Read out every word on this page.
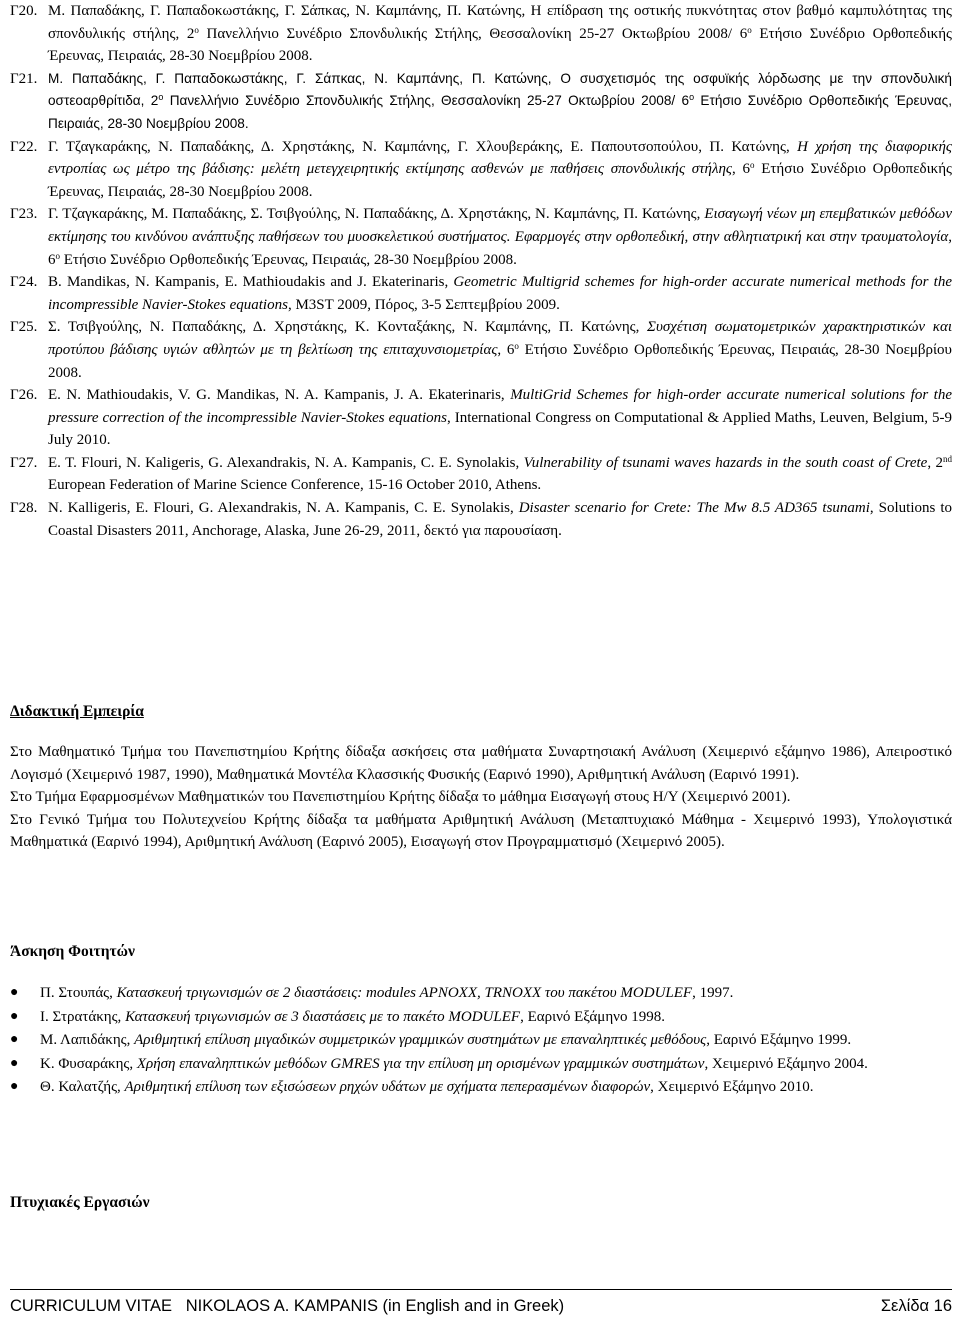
Γ20. Μ. Παπαδάκης, Γ. Παπαδοκωστάκης, Γ. Σάπκας, Ν. Καμπάνης, Π. Κατώνης, Η επίδραση της οστικής πυκνότητας στον βαθμό καμπυλότητας της σπονδυλικής στήλης, $2^o$ Πανελλήνιο Συνέδριο Σπονδυλικής Στήλης, Θεσσαλονίκη 25-27 Οκτωβρίου 2008/ $6^o$ Ετήσιο Συνέδριο Ορθοπεδικής Έρευνας, Πειραιάς, 28-30 Νοεμβρίου 2008.
Γ21. Μ. Παπαδάκης, Γ. Παπαδοκωστάκης, Γ. Σάπκας, Ν. Καμπάνης, Π. Κατώνης, Ο συσχετισμός της οσφυϊκής λόρδωσης με την σπονδυλική οστεοαρθρίτιδα, $2^o$ Πανελλήνιο Συνέδριο Σπονδυλικής Στήλης, Θεσσαλονίκη 25-27 Οκτωβρίου 2008/ $6^o$ Ετήσιο Συνέδριο Ορθοπεδικής Έρευνας, Πειραιάς, 28-30 Νοεμβρίου 2008.
Γ22. Γ. Τζαγκαράκης, Ν. Παπαδάκης, Δ. Χρηστάκης, Ν. Καμπάνης, Γ. Χλουβεράκης, Ε. Παπουτσοπούλου, Π. Κατώνης, Η χρήση της διαφορικής εντροπίας ως μέτρο της βάδισης: μελέτη μετεγχειρητικής εκτίμησης ασθενών με παθήσεις σπονδυλικής στήλης, $6^o$ Ετήσιο Συνέδριο Ορθοπεδικής Έρευνας, Πειραιάς, 28-30 Νοεμβρίου 2008.
Γ23. Γ. Τζαγκαράκης, Μ. Παπαδάκης, Σ. Τσιβγούλης, Ν. Παπαδάκης, Δ. Χρηστάκης, Ν. Καμπάνης, Π. Κατώνης, Εισαγωγή νέων μη επεμβατικών μεθόδων εκτίμησης του κινδύνου ανάπτυξης παθήσεων του μυοσκελετικού συστήματος. Εφαρμογές στην ορθοπεδική, στην αθλητιατρική και στην τραυματολογία, $6^o$ Ετήσιο Συνέδριο Ορθοπεδικής Έρευνας, Πειραιάς, 28-30 Νοεμβρίου 2008.
Γ24. B. Mandikas, N. Kampanis, E. Mathioudakis and J. Ekaterinaris, Geometric Multigrid schemes for high-order accurate numerical methods for the incompressible Navier-Stokes equations, M3ST 2009, Πόρος, 3-5 Σεπτεμβρίου 2009.
Γ25. Σ. Τσιβγούλης, Ν. Παπαδάκης, Δ. Χρηστάκης, Κ. Κονταξάκης, Ν. Καμπάνης, Π. Κατώνης, Συσχέτιση σωματομετρικών χαρακτηριστικών και προτύπου βάδισης υγιών αθλητών με τη βελτίωση της επιταχυνσιομετρίας, $6^o$ Ετήσιο Συνέδριο Ορθοπεδικής Έρευνας, Πειραιάς, 28-30 Νοεμβρίου 2008.
Γ26. E. N. Mathioudakis, V. G. Mandikas, N. A. Kampanis, J. A. Ekaterinaris, MultiGrid Schemes for high-order accurate numerical solutions for the pressure correction of the incompressible Navier-Stokes equations, International Congress on Computational & Applied Maths, Leuven, Belgium, 5-9 July 2010.
Γ27. E. T. Flouri, N. Kaligeris, G. Alexandrakis, N. A. Kampanis, C. E. Synolakis, Vulnerability of tsunami waves hazards in the south coast of Crete, 2nd European Federation of Marine Science Conference, 15-16 October 2010, Athens.
Γ28. N. Kalligeris, E. Flouri, G. Alexandrakis, N. A. Kampanis, C. E. Synolakis, Disaster scenario for Crete: The Mw 8.5 AD365 tsunami, Solutions to Coastal Disasters 2011, Anchorage, Alaska, June 26-29, 2011, δεκτό για παρουσίαση.
Διδακτική Εμπειρία

Στο Μαθηματικό Τμήμα του Πανεπιστημίου Κρήτης δίδαξα ασκήσεις στα μαθήματα Συναρτησιακή Ανάλυση (Χειμερινό εξάμηνο 1986), Απειροστικό Λογισμό (Χειμερινό 1987, 1990), Μαθηματικά Μοντέλα Κλασσικής Φυσικής (Εαρινό 1990), Αριθμητική Ανάλυση (Εαρινό 1991).

Στο Τμήμα Εφαρμοσμένων Μαθηματικών του Πανεπιστημίου Κρήτης δίδαξα το μάθημα Εισαγωγή στους Η/Υ (Χειμερινό 2001).

Στο Γενικό Τμήμα του Πολυτεχνείου Κρήτης δίδαξα τα μαθήματα Αριθμητική Ανάλυση (Μεταπτυχιακό Μάθημα - Χειμερινό 1993), Υπολογιστικά Μαθηματικά (Εαρινό 1994), Αριθμητική Ανάλυση (Εαρινό 2005), Εισαγωγή στον Προγραμματισμό (Χειμερινό 2005).

Άσκηση Φοιτητών
● Π. Στουπάς, Κατασκευή τριγωνισμών σε 2 διαστάσεις: modules APNOXX, TRNOXX του πακέτου MODULEF, 1997.
● Ι. Στρατάκης, Κατασκευή τριγωνισμών σε 3 διαστάσεις με το πακέτο MODULEF, Εαρινό Εξάμηνο 1998.
● Μ. Λαπιδάκης, Αριθμητική επίλυση μιγαδικών συμμετρικών γραμμικών συστημάτων με επαναληπτικές μεθόδους, Εαρινό Εξάμηνο 1999.
● Κ. Φυσαράκης, Χρήση επαναληπτικών μεθόδων GMRES για την επίλυση μη ορισμένων γραμμικών συστημάτων, Χειμερινό Εξάμηνο 2004.
● Θ. Καλατζής, Αριθμητική επίλυση των εξισώσεων ρηχών υδάτων με σχήματα πεπερασμένων διαφορών, Χειμερινό Εξάμηνο 2010.
Πτυχιακές Εργασιών
CURRICULUM VITAE   NIKOLAOS A. KAMPANIS (in English and in Greek)	Σελίδα 16
